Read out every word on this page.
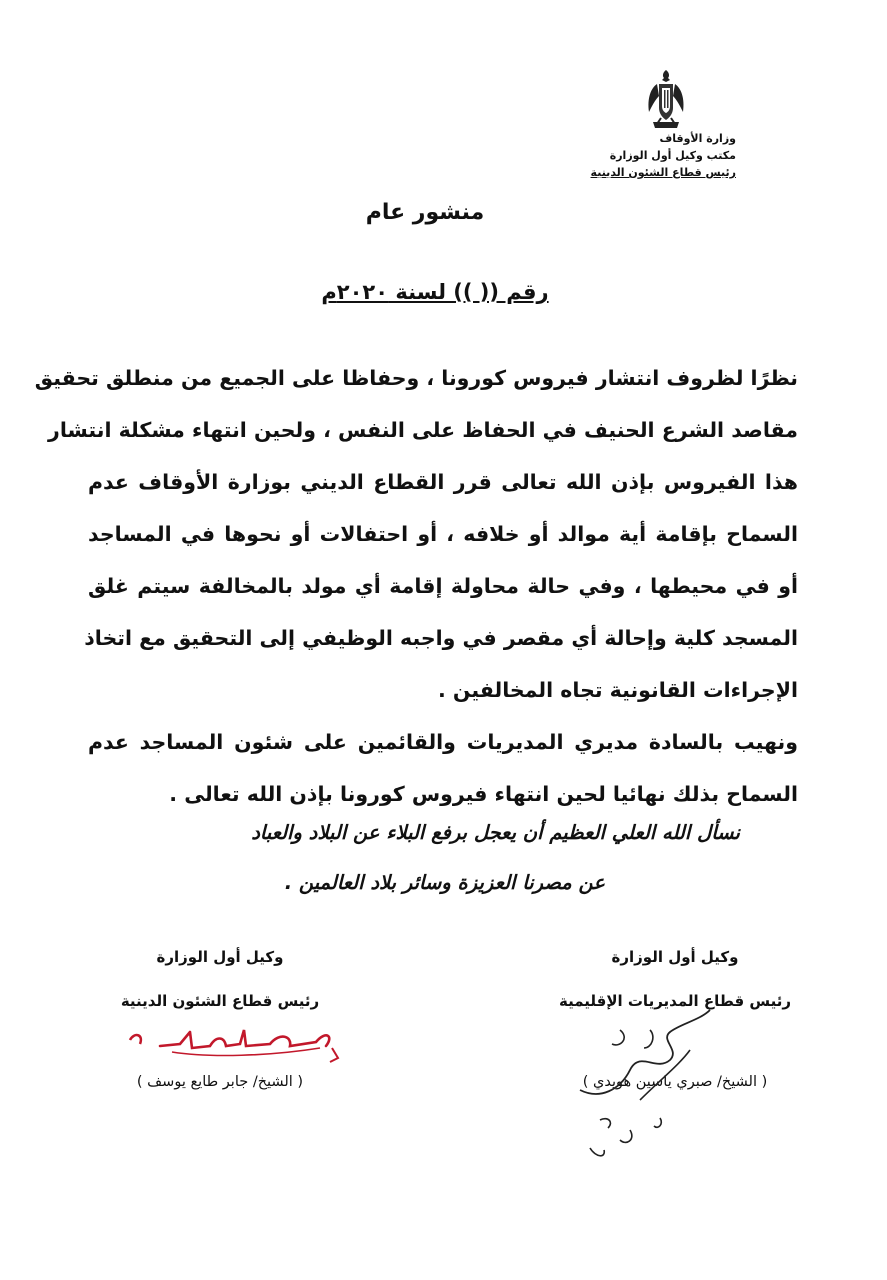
وزارة الأوقاف
مكتب وكيل أول الوزارة
رئيس قطاع الشئون الدينية
منشور عام
رقم (( )) لسنة ٢٠٢٠م
نظرًا لظروف انتشار فيروس كورونا ، وحفاظا على الجميع من منطلق تحقيق
مقاصد الشرع الحنيف في الحفاظ على النفس ، ولحين انتهاء مشكلة انتشار
هذا الفيروس بإذن الله تعالى قرر القطاع الديني بوزارة الأوقاف عدم
السماح بإقامة أية موالد أو خلافه ، أو احتفالات أو نحوها في المساجد
أو في محيطها ، وفي حالة محاولة إقامة أي مولد بالمخالفة سيتم غلق
المسجد كلية وإحالة أي مقصر في واجبه الوظيفي إلى التحقيق مع اتخاذ
الإجراءات القانونية تجاه المخالفين .
ونهيب بالسادة مديري المديريات والقائمين على شئون المساجد عدم
السماح بذلك نهائيا لحين انتهاء فيروس كورونا بإذن الله تعالى .
نسأل الله العلي العظيم أن يعجل برفع البلاء عن البلاد والعباد
عن مصرنا العزيزة وسائر بلاد العالمين .
وكيل أول الوزارة
رئيس قطاع المديريات الإقليمية
( الشيخ/ صبري ياسين هويدي )
وكيل أول الوزارة
رئيس قطاع الشئون الدينية
( الشيخ/ جابر طايع يوسف )
